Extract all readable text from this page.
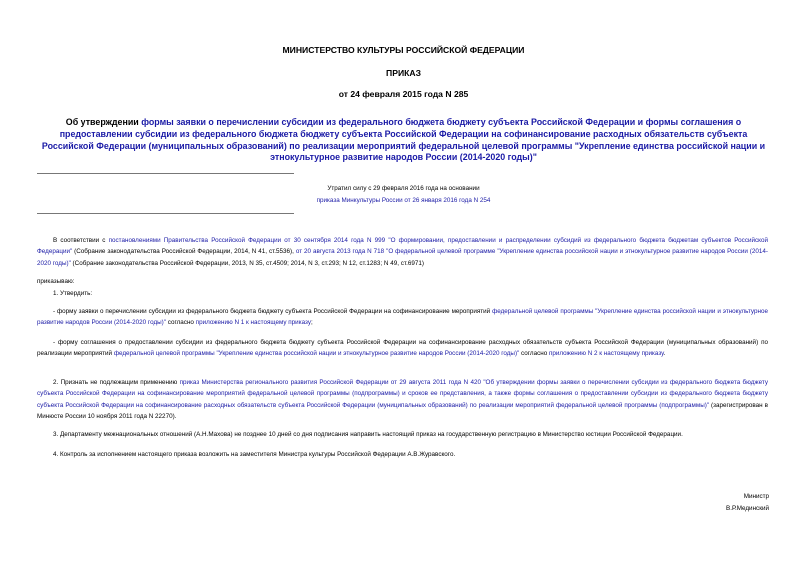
МИНИСТЕРСТВО КУЛЬТУРЫ РОССИЙСКОЙ ФЕДЕРАЦИИ
ПРИКАЗ
от 24 февраля 2015 года N 285
Об утверждении формы заявки о перечислении субсидии из федерального бюджета бюджету субъекта Российской Федерации и формы соглашения о предоставлении субсидии из федерального бюджета бюджету субъекта Российской Федерации на софинансирование расходных обязательств субъекта Российской Федерации (муниципальных образований) по реализации мероприятий федеральной целевой программы "Укрепление единства российской нации и этнокультурное развитие народов России (2014-2020 годы)"
Утратил силу с 29 февраля 2016 года на основании
приказа Минкультуры России от 26 января 2016 года N 254
В соответствии с постановлениями Правительства Российской Федерации от 30 сентября 2014 года N 999 "О формировании, предоставлении и распределении субсидий из федерального бюджета бюджетам субъектов Российской Федерации" (Собрание законодательства Российской Федерации, 2014, N 41, ст.5536), от 20 августа 2013 года N 718 "О федеральной целевой программе "Укрепление единства российской нации и этнокультурное развитие народов России (2014-2020 годы)" (Собрание законодательства Российской Федерации, 2013, N 35, ст.4509; 2014, N 3, ст.293; N 12, ст.1283; N 49, ст.6971)
приказываю:
1. Утвердить:
- форму заявки о перечислении субсидии из федерального бюджета бюджету субъекта Российской Федерации на софинансирование мероприятий федеральной целевой программы "Укрепление единства российской нации и этнокультурное развитие народов России (2014-2020 годы)" согласно приложению N 1 к настоящему приказу;
- форму соглашения о предоставлении субсидии из федерального бюджета бюджету субъекта Российской Федерации на софинансирование расходных обязательств субъекта Российской Федерации (муниципальных образований) по реализации мероприятий федеральной целевой программы "Укрепление единства российской нации и этнокультурное развитие народов России (2014-2020 годы)" согласно приложению N 2 к настоящему приказу.
2. Признать не подлежащим применению приказ Министерства регионального развития Российской Федерации от 29 августа 2011 года N 420 "Об утверждении формы заявки о перечислении субсидии из федерального бюджета бюджету субъекта Российской Федерации на софинансирование мероприятий федеральной целевой программы (подпрограммы) и сроков ее представления, а также формы соглашения о предоставлении субсидии из федерального бюджета бюджету субъекта Российской Федерации на софинансирование расходных обязательств субъекта Российской Федерации (муниципальных образований) по реализации мероприятий федеральной целевой программы (подпрограммы)" (зарегистрирован в Минюсте России 10 ноября 2011 года N 22270).
3. Департаменту межнациональных отношений (А.Н.Махова) не позднее 10 дней со дня подписания направить настоящий приказ на государственную регистрацию в Министерство юстиции Российской Федерации.
4. Контроль за исполнением настоящего приказа возложить на заместителя Министра культуры Российской Федерации А.В.Журавского.
Министр
В.Р.Мединский
